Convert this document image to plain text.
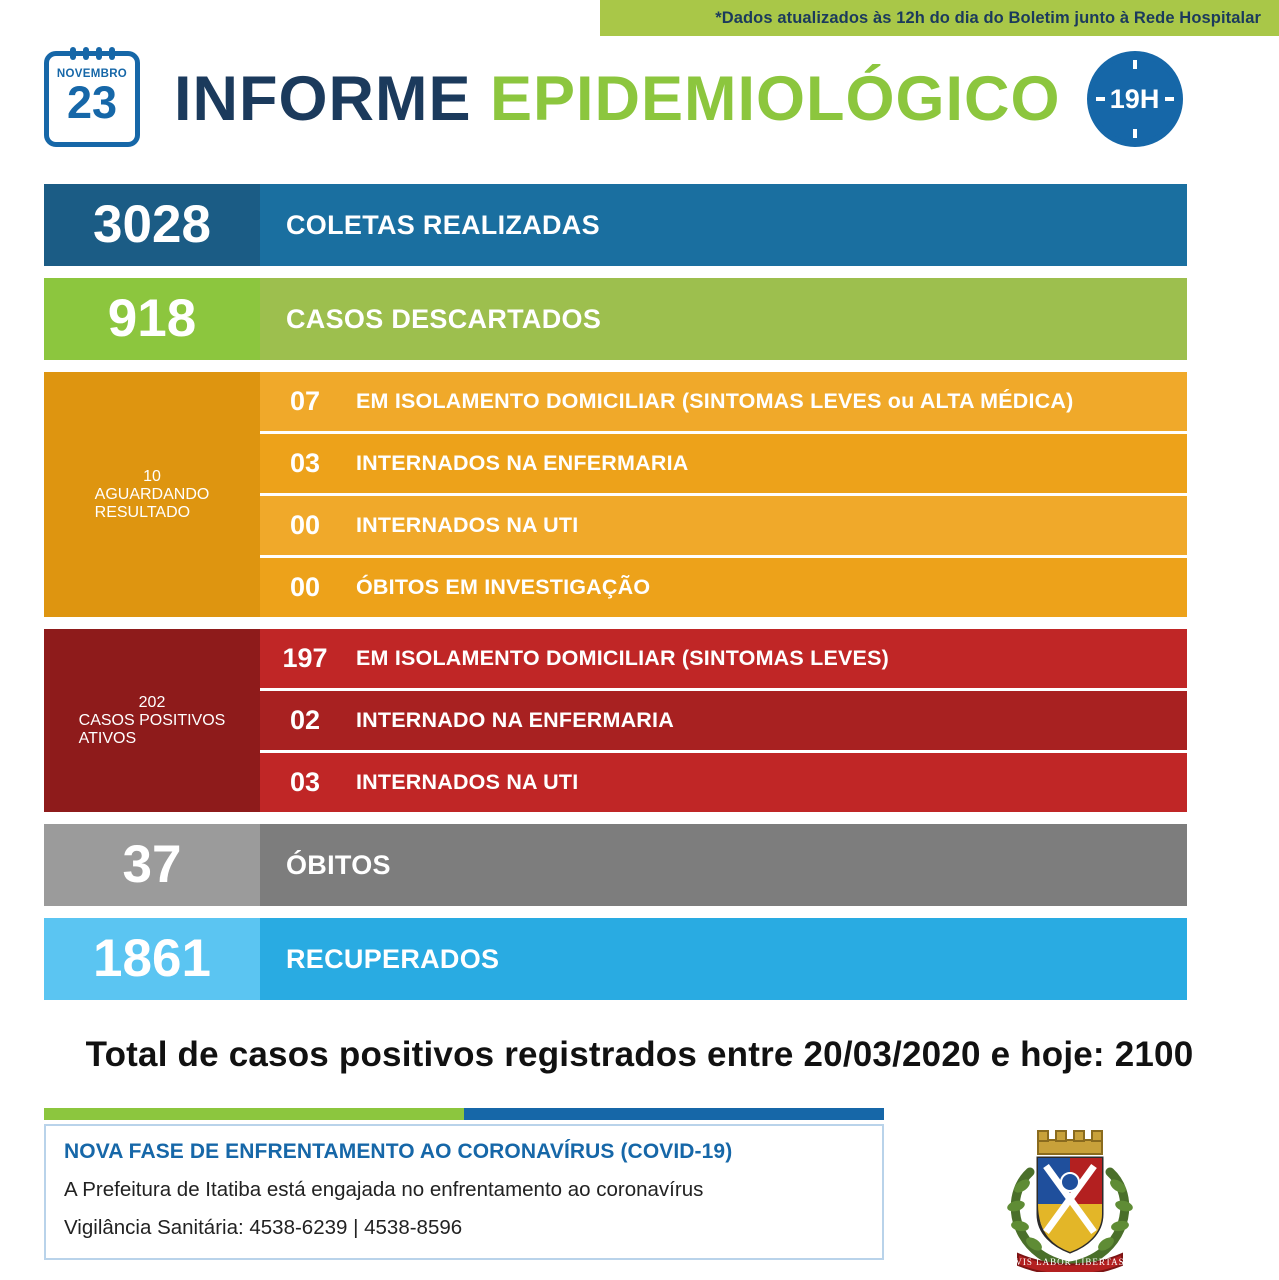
*Dados atualizados às 12h do dia do Boletim junto à Rede Hospitalar
NOVEMBRO
23 INFORME EPIDEMIOLÓGICO 19H
3028	COLETAS REALIZADAS
918	CASOS DESCARTADOS
10
AGUARDANDO
RESULTADO
07	EM ISOLAMENTO DOMICILIAR (SINTOMAS LEVES ou ALTA MÉDICA)
03	INTERNADOS NA ENFERMARIA
00	INTERNADOS NA UTI
00	ÓBITOS EM INVESTIGAÇÃO
202
CASOS POSITIVOS
ATIVOS
197	EM ISOLAMENTO DOMICILIAR (SINTOMAS LEVES)
02	INTERNADO NA ENFERMARIA
03	INTERNADOS NA UTI
37	ÓBITOS
1861	RECUPERADOS
Total de casos positivos registrados entre 20/03/2020 e hoje: 2100
NOVA FASE DE ENFRENTAMENTO AO CORONAVÍRUS (COVID-19)
A Prefeitura de Itatiba está engajada no enfrentamento ao coronavírus
Vigilância Sanitária: 4538-6239 | 4538-8596
VIS LABOR LIBERTAS
